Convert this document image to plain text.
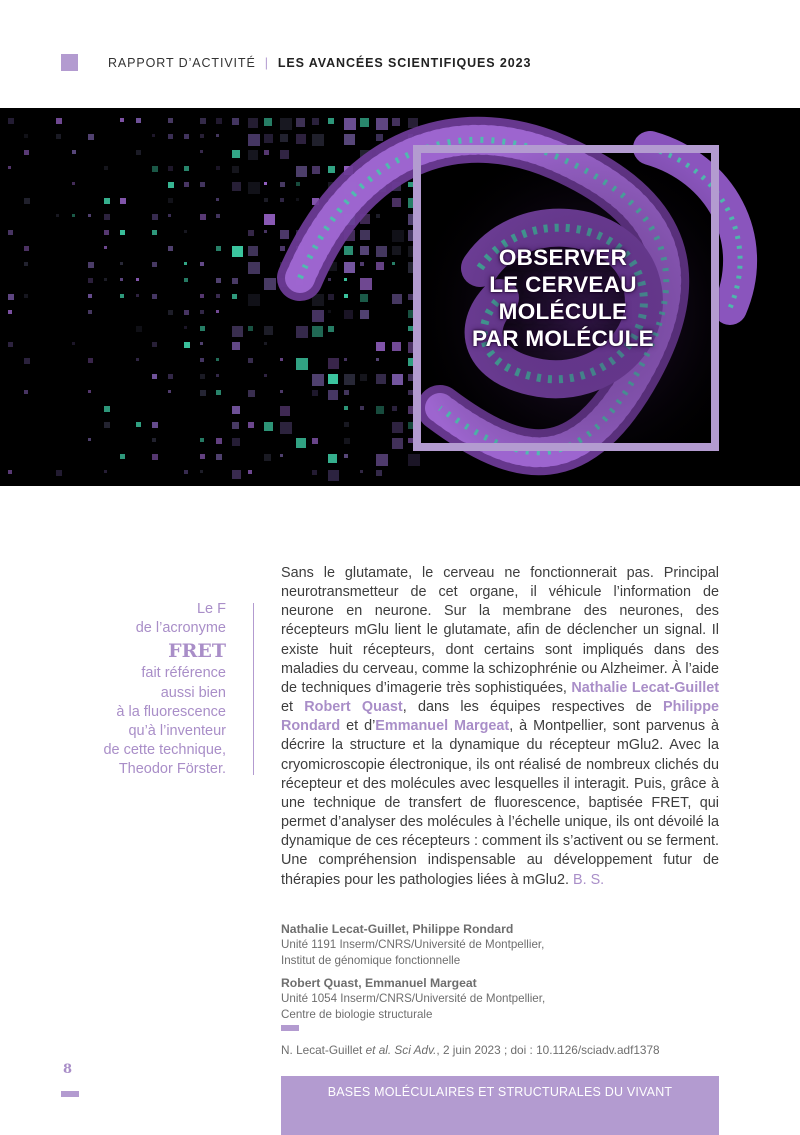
RAPPORT D’ACTIVITÉ | LES AVANCÉES SCIENTIFIQUES 2023
OBSERVER
LE CERVEAU
MOLÉCULE
PAR MOLÉCULE
Le F
de l’acronyme
FRET
fait référence
aussi bien
à la fluorescence
qu’à l’inventeur
de cette technique,
Theodor Förster.
Sans le glutamate, le cerveau ne fonctionnerait pas. Principal neurotransmetteur de cet organe, il véhicule l’information de neurone en neurone. Sur la membrane des neurones, des récepteurs mGlu lient le glutamate, afin de déclencher un signal. Il existe huit récepteurs, dont certains sont impliqués dans des maladies du cerveau, comme la schizophrénie ou Alzheimer. À l’aide de techniques d’imagerie très sophistiquées, Nathalie Lecat-Guillet et Robert Quast, dans les équipes respectives de Philippe Rondard et d’Emmanuel Margeat, à Montpellier, sont parvenus à décrire la structure et la dynamique du récepteur mGlu2. Avec la cryomicroscopie électronique, ils ont réalisé de nombreux clichés du récepteur et des molécules avec lesquelles il interagit. Puis, grâce à une technique de transfert de fluorescence, baptisée FRET, qui permet d’analyser des molécules à l’échelle unique, ils ont dévoilé la dynamique de ces récepteurs : comment ils s’activent ou se ferment. Une compréhension indispensable au développement futur de thérapies pour les pathologies liées à mGlu2. B. S.
Nathalie Lecat-Guillet, Philippe Rondard
Unité 1191 Inserm/CNRS/Université de Montpellier,
Institut de génomique fonctionnelle
Robert Quast, Emmanuel Margeat
Unité 1054 Inserm/CNRS/Université de Montpellier,
Centre de biologie structurale
N. Lecat-Guillet et al. Sci Adv., 2 juin 2023 ; doi : 10.1126/sciadv.adf1378
8
BASES MOLÉCULAIRES ET STRUCTURALES DU VIVANT
